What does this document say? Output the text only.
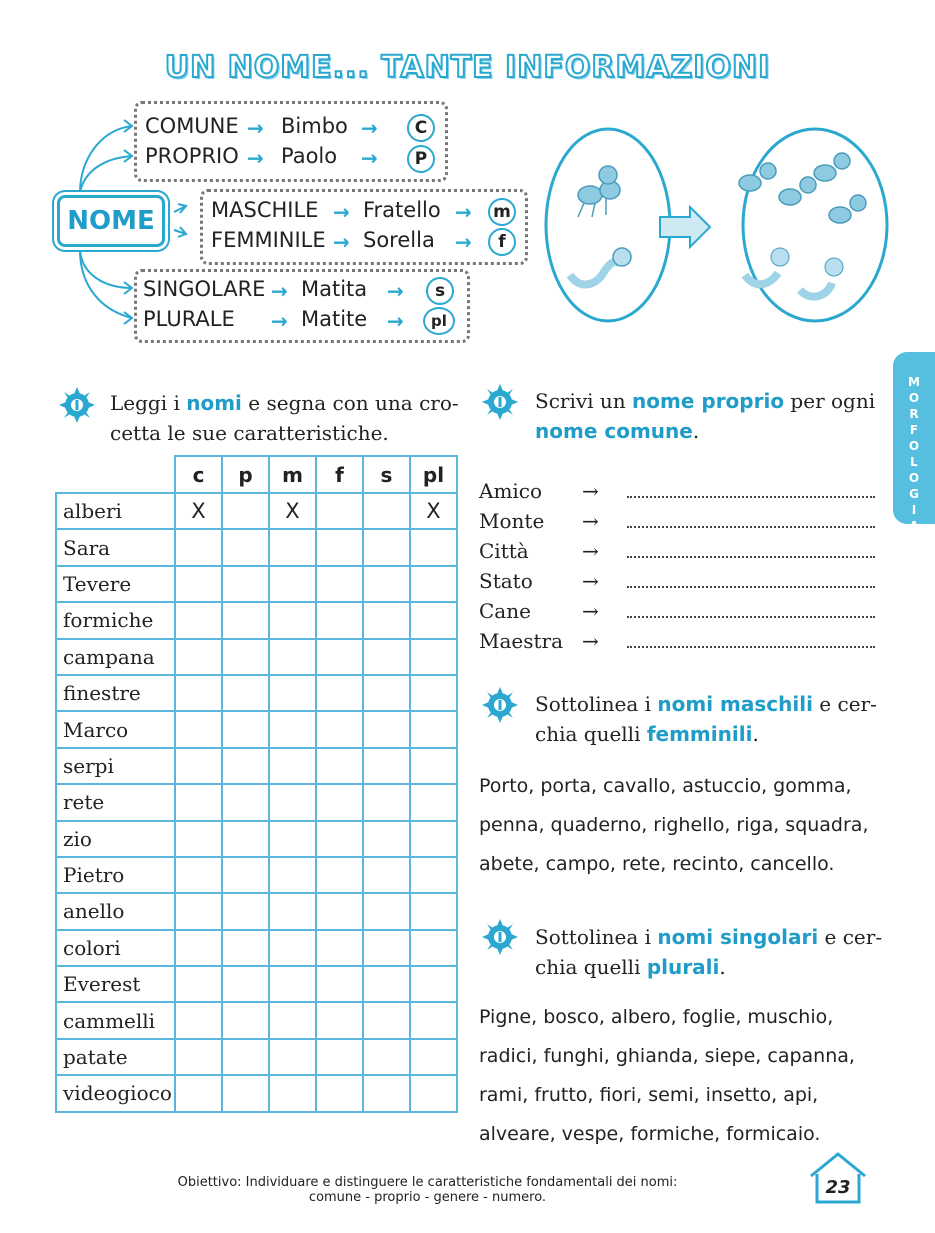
UN NOME... TANTE INFORMAZIONI
NOME
COMUNE → Bimbo →	C
PROPRIO → Paolo →	P
MASCHILE → Fratello →	m
FEMMINILE → Sorella →	f
SINGOLARE → Matita →	s
PLURALE → Matite →	pl
M
O
R
F
O
L
O
G
I
A
Leggi i nomi e segna con una cro-
cetta le sue caratteristiche.
	c	p	m	f	s	pl
alberi	X		X			X
Sara						
Tevere						
formiche						
campana						
finestre						
Marco						
serpi						
rete						
zio						
Pietro						
anello						
colori						
Everest						
cammelli						
patate						
videogioco						
Scrivi un nome proprio per ogni
nome comune.
Amico →
Monte →
Città	→
Stato →
Cane	→
Maestra →
Sottolinea i nomi maschili e cer-
chia quelli femminili.
Porto, porta, cavallo, astuccio, gomma,
penna, quaderno, righello, riga, squadra,
abete, campo, rete, recinto, cancello.
Sottolinea i nomi singolari e cer-
chia quelli plurali.
Pigne, bosco, albero, foglie, muschio,
radici, funghi, ghianda, siepe, capanna,
rami, frutto, fiori, semi, insetto, api,
alveare, vespe, formiche, formicaio.
Obiettivo: Individuare e distinguere le caratteristiche fondamentali dei nomi:
comune - proprio - genere - numero.	23
